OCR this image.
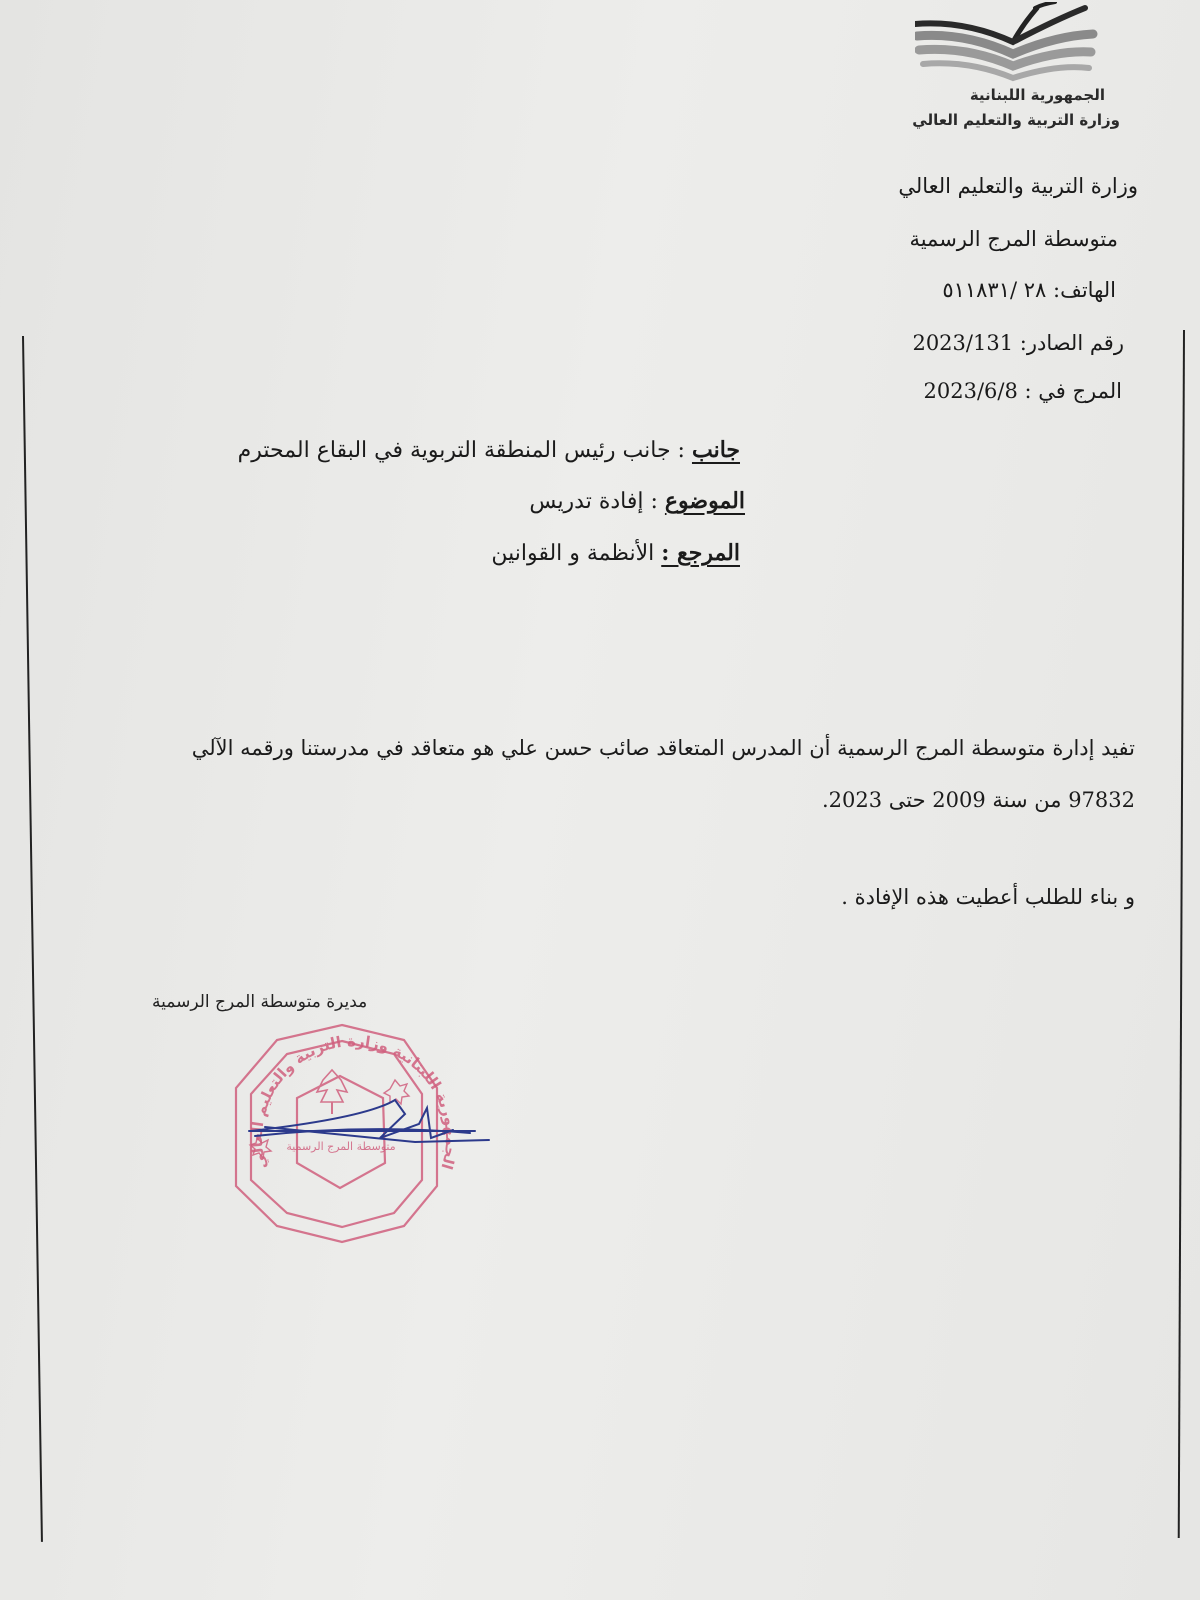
الجمهورية اللبنانية
وزارة التربية والتعليم العالي
وزارة التربية والتعليم العالي
متوسطة المرج الرسمية
الهاتف: ٢٨ /٥١١٨٣١
رقم الصادر: 2023/131
المرج في : 2023/6/8
جانب : جانب رئيس المنطقة التربوية في البقاع المحترم
الموضوع : إفادة تدريس
المرجع : الأنظمة و القوانين
تفيد إدارة متوسطة المرج الرسمية أن المدرس المتعاقد صائب حسن علي هو متعاقد في مدرستنا ورقمه الآلي
97832 من سنة 2009 حتى 2023.
و بناء للطلب أعطيت هذه الإفادة .
مديرة متوسطة المرج الرسمية
الجمهورية اللبنانية وزارة التربية والتعليم العالي
متوسطة المرج الرسمية
